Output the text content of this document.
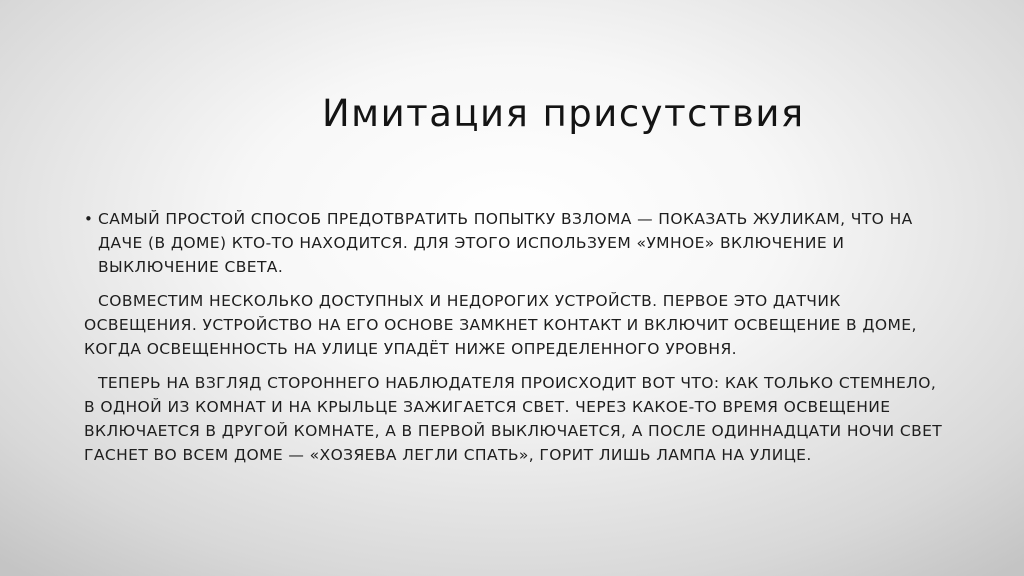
Имитация присутствия
• САМЫЙ ПРОСТОЙ СПОСОБ ПРЕДОТВРАТИТЬ ПОПЫТКУ ВЗЛОМА — ПОКАЗАТЬ ЖУЛИКАМ, ЧТО НА ДАЧЕ (В ДОМЕ) КТО-ТО НАХОДИТСЯ. ДЛЯ ЭТОГО ИСПОЛЬЗУЕМ «УМНОЕ» ВКЛЮЧЕНИЕ И ВЫКЛЮЧЕНИЕ СВЕТА.
СОВМЕСТИМ НЕСКОЛЬКО ДОСТУПНЫХ И НЕДОРОГИХ УСТРОЙСТВ. ПЕРВОЕ ЭТО ДАТЧИК ОСВЕЩЕНИЯ. УСТРОЙСТВО НА ЕГО ОСНОВЕ ЗАМКНЕТ КОНТАКТ И ВКЛЮЧИТ ОСВЕЩЕНИЕ В ДОМЕ, КОГДА ОСВЕЩЕННОСТЬ НА УЛИЦЕ УПАДЁТ НИЖЕ ОПРЕДЕЛЕННОГО УРОВНЯ.
ТЕПЕРЬ НА ВЗГЛЯД СТОРОННЕГО НАБЛЮДАТЕЛЯ ПРОИСХОДИТ ВОТ ЧТО: КАК ТОЛЬКО СТЕМНЕЛО, В ОДНОЙ ИЗ КОМНАТ И НА КРЫЛЬЦЕ ЗАЖИГАЕТСЯ СВЕТ. ЧЕРЕЗ КАКОЕ-ТО ВРЕМЯ ОСВЕЩЕНИЕ ВКЛЮЧАЕТСЯ В ДРУГОЙ КОМНАТЕ, А В ПЕРВОЙ ВЫКЛЮЧАЕТСЯ, А ПОСЛЕ ОДИННАДЦАТИ НОЧИ СВЕТ ГАСНЕТ ВО ВСЕМ ДОМЕ — «ХОЗЯЕВА ЛЕГЛИ СПАТЬ», ГОРИТ ЛИШЬ ЛАМПА НА УЛИЦЕ.
